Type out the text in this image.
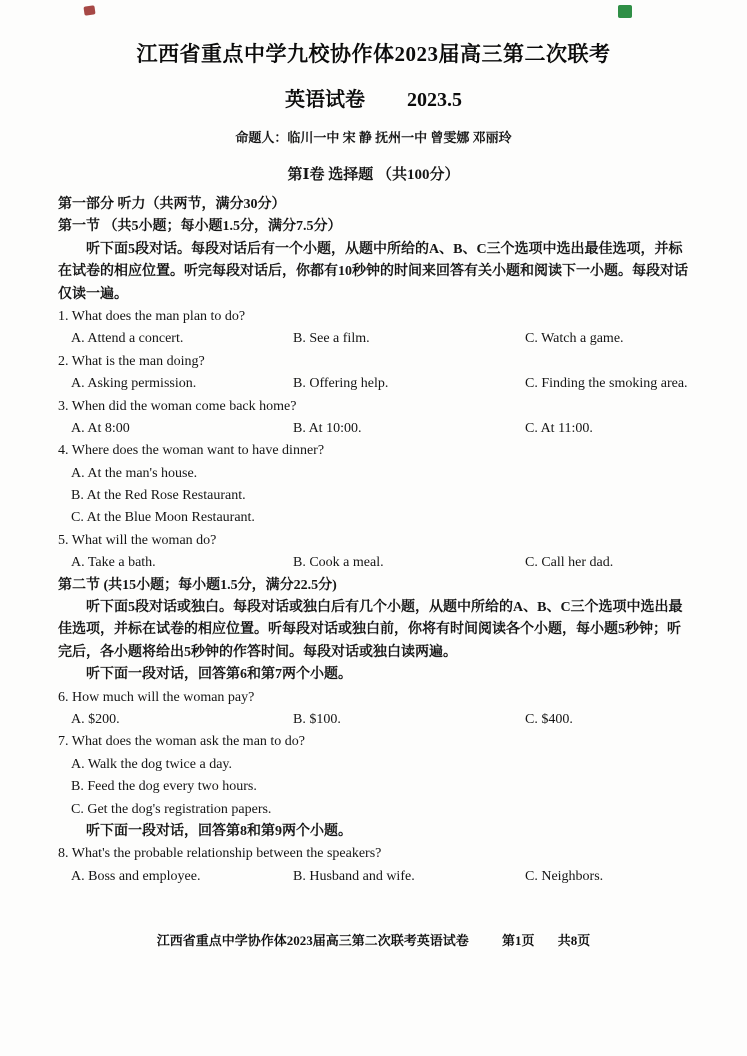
江西省重点中学九校协作体2023届高三第二次联考
英语试卷 2023.5
命题人：临川一中 宋 静 抚州一中 曾雯娜 邓丽玲
第Ⅰ卷 选择题 （共100分）
第一部分 听力（共两节，满分30分）
第一节 （共5小题；每小题1.5分，满分7.5分）
听下面5段对话。每段对话后有一个小题，从题中所给的A、B、C三个选项中选出最佳选项，并标在试卷的相应位置。听完每段对话后，你都有10秒钟的时间来回答有关小题和阅读下一小题。每段对话仅读一遍。
1. What does the man plan to do?
A. Attend a concert.	B. See a film.	C. Watch a game.
2. What is the man doing?
A. Asking permission.	B. Offering help.	C. Finding the smoking area.
3. When did the woman come back home?
A. At 8:00	B. At 10:00.	C. At 11:00.
4. Where does the woman want to have dinner?
A. At the man's house.
B. At the Red Rose Restaurant.
C. At the Blue Moon Restaurant.
5. What will the woman do?
A. Take a bath.	B. Cook a meal.	C. Call her dad.
第二节 (共15小题；每小题1.5分，满分22.5分)
听下面5段对话或独白。每段对话或独白后有几个小题，从题中所给的A、B、C三个选项中选出最佳选项，并标在试卷的相应位置。听每段对话或独白前，你将有时间阅读各个小题，每小题5秒钟；听完后，各小题将给出5秒钟的作答时间。每段对话或独白读两遍。
听下面一段对话，回答第6和第7两个小题。
6. How much will the woman pay?
A. $200.	B. $100.	C. $400.
7. What does the woman ask the man to do?
A. Walk the dog twice a day.
B. Feed the dog every two hours.
C. Get the dog's registration papers.
听下面一段对话，回答第8和第9两个小题。
8. What's the probable relationship between the speakers?
A. Boss and employee.	B. Husband and wife.	C. Neighbors.
江西省重点中学协作体2023届高三第二次联考英语试卷	第1页 共8页
